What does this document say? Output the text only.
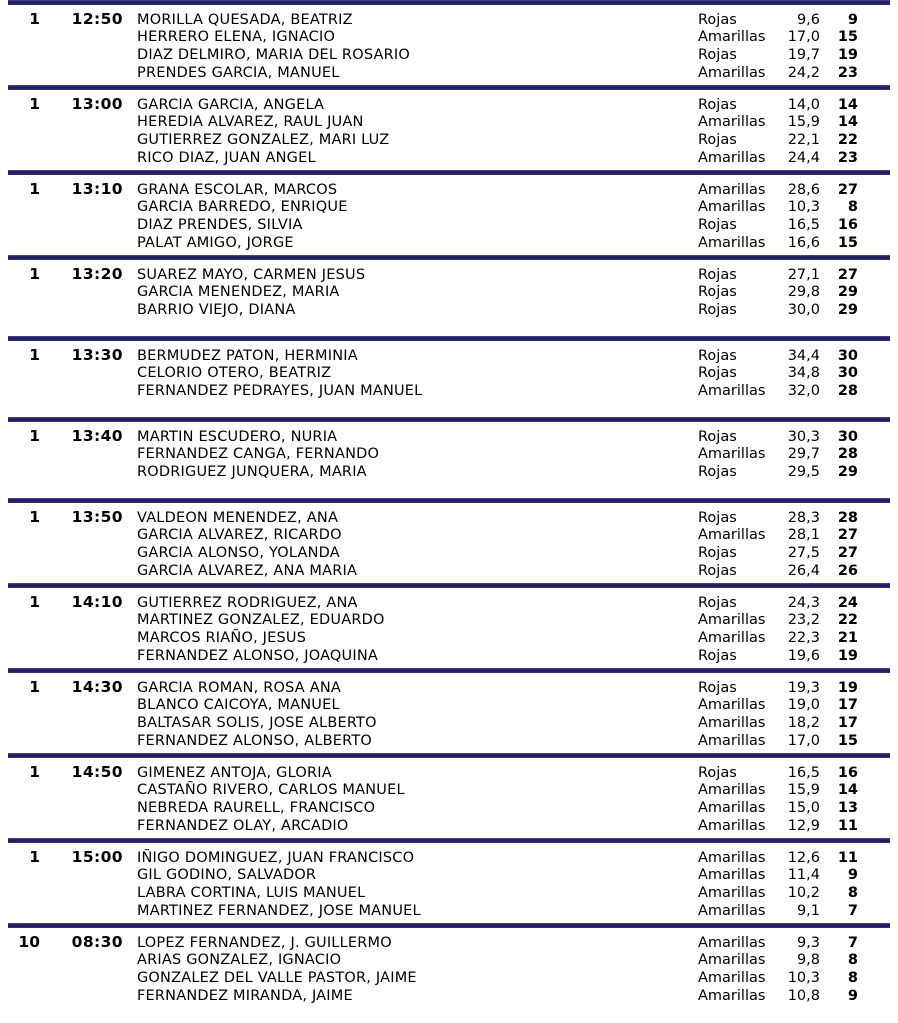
1	12:50 MORILLA QUESADA, BEATRIZ	Rojas	9,6	9
HERRERO ELENA, IGNACIO	Amarillas	17,0	15
DIAZ DELMIRO, MARIA DEL ROSARIO	Rojas	19,7	19
PRENDES GARCIA, MANUEL	Amarillas	24,2	23
1	13:00 GARCIA GARCIA, ANGELA	Rojas	14,0	14
HEREDIA ALVAREZ, RAUL JUAN	Amarillas	15,9	14
GUTIERREZ GONZALEZ, MARI LUZ	Rojas	22,1	22
RICO DIAZ, JUAN ANGEL	Amarillas	24,4	23
1	13:10 GRANA ESCOLAR, MARCOS	Amarillas	28,6	27
GARCIA BARREDO, ENRIQUE	Amarillas	10,3	8
DIAZ PRENDES, SILVIA	Rojas	16,5	16
PALAT AMIGO, JORGE	Amarillas	16,6	15
1	13:20 SUAREZ MAYO, CARMEN JESUS	Rojas	27,1	27
GARCIA MENENDEZ, MARIA	Rojas	29,8	29
BARRIO VIEJO, DIANA	Rojas	30,0	29
1	13:30 BERMUDEZ PATON, HERMINIA	Rojas	34,4	30
CELORIO OTERO, BEATRIZ	Rojas	34,8	30
FERNANDEZ PEDRAYES, JUAN MANUEL	Amarillas	32,0	28
1	13:40 MARTIN ESCUDERO, NURIA	Rojas	30,3	30
FERNANDEZ CANGA, FERNANDO	Amarillas	29,7	28
RODRIGUEZ JUNQUERA, MARIA	Rojas	29,5	29
1	13:50 VALDEON MENENDEZ, ANA	Rojas	28,3	28
GARCIA ALVAREZ, RICARDO	Amarillas	28,1	27
GARCIA ALONSO, YOLANDA	Rojas	27,5	27
GARCIA ALVAREZ, ANA MARIA	Rojas	26,4	26
1	14:10 GUTIERREZ RODRIGUEZ, ANA	Rojas	24,3	24
MARTINEZ GONZALEZ, EDUARDO	Amarillas	23,2	22
MARCOS RIAÑO, JESUS	Amarillas	22,3	21
FERNANDEZ ALONSO, JOAQUINA	Rojas	19,6	19
1	14:30 GARCIA ROMAN, ROSA ANA	Rojas	19,3	19
BLANCO CAICOYA, MANUEL	Amarillas	19,0	17
BALTASAR SOLIS, JOSE ALBERTO	Amarillas	18,2	17
FERNANDEZ ALONSO, ALBERTO	Amarillas	17,0	15
1	14:50 GIMENEZ ANTOJA, GLORIA	Rojas	16,5	16
CASTAÑO RIVERO, CARLOS MANUEL	Amarillas	15,9	14
NEBREDA RAURELL, FRANCISCO	Amarillas	15,0	13
FERNANDEZ OLAY, ARCADIO	Amarillas	12,9	11
1	15:00 IÑIGO DOMINGUEZ, JUAN FRANCISCO	Amarillas	12,6	11
GIL GODINO, SALVADOR	Amarillas	11,4	9
LABRA CORTINA, LUIS MANUEL	Amarillas	10,2	8
MARTINEZ FERNANDEZ, JOSE MANUEL	Amarillas	9,1	7
10	08:30 LOPEZ FERNANDEZ, J. GUILLERMO	Amarillas	9,3	7
ARIAS GONZALEZ, IGNACIO	Amarillas	9,8	8
GONZALEZ DEL VALLE PASTOR, JAIME	Amarillas	10,3	8
FERNANDEZ MIRANDA, JAIME	Amarillas	10,8	9
